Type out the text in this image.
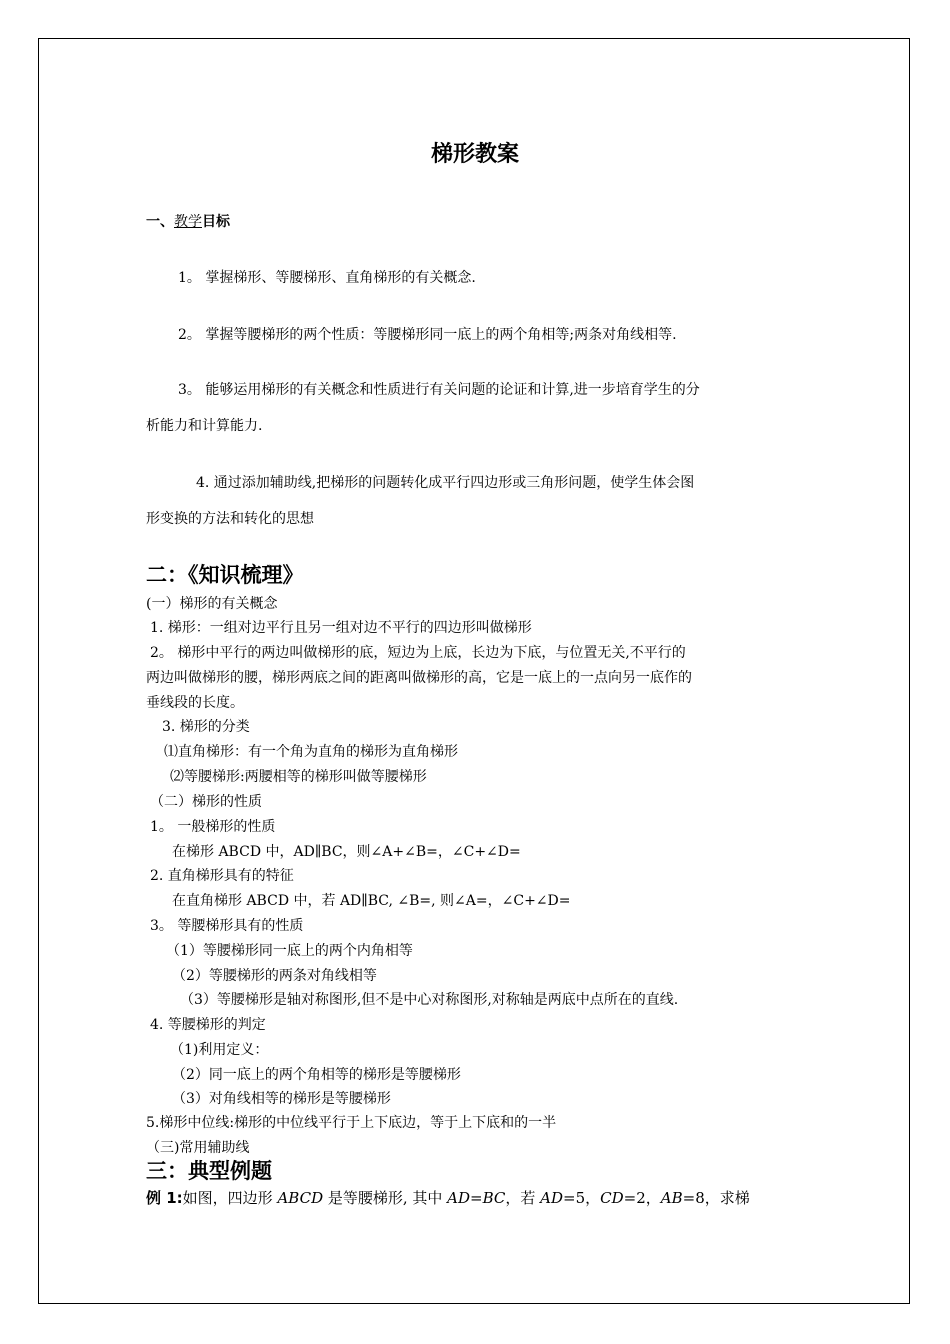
梯形教案
一、教学目标
1。 掌握梯形、等腰梯形、直角梯形的有关概念.
2。 掌握等腰梯形的两个性质：等腰梯形同一底上的两个角相等;两条对角线相等.
3。 能够运用梯形的有关概念和性质进行有关问题的论证和计算,进一步培育学生的分
析能力和计算能力.
4. 通过添加辅助线,把梯形的问题转化成平行四边形或三角形问题，使学生体会图
形变换的方法和转化的思想
二：《知识梳理》
(一）梯形的有关概念
1. 梯形：一组对边平行且另一组对边不平行的四边形叫做梯形
2。 梯形中平行的两边叫做梯形的底，短边为上底，长边为下底，与位置无关,不平行的
两边叫做梯形的腰，梯形两底之间的距离叫做梯形的高，它是一底上的一点向另一底作的
垂线段的长度。
3. 梯形的分类
⑴直角梯形：有一个角为直角的梯形为直角梯形
⑵等腰梯形:两腰相等的梯形叫做等腰梯形
（二）梯形的性质
1。 一般梯形的性质
在梯形 ABCD 中，AD∥BC，则∠A+∠B=，∠C+∠D=
2. 直角梯形具有的特征
在直角梯形 ABCD 中，若 AD∥BC, ∠B=, 则∠A=，∠C+∠D=
3。 等腰梯形具有的性质
（1）等腰梯形同一底上的两个内角相等
（2）等腰梯形的两条对角线相等
（3）等腰梯形是轴对称图形,但不是中心对称图形,对称轴是两底中点所在的直线.
4. 等腰梯形的判定
（1)利用定义：
（2）同一底上的两个角相等的梯形是等腰梯形
（3）对角线相等的梯形是等腰梯形
5.梯形中位线:梯形的中位线平行于上下底边，等于上下底和的一半
（三)常用辅助线
三：典型例题
例 1:如图，四边形 ABCD 是等腰梯形, 其中 AD=BC，若 AD=5，CD=2，AB=8，求梯
